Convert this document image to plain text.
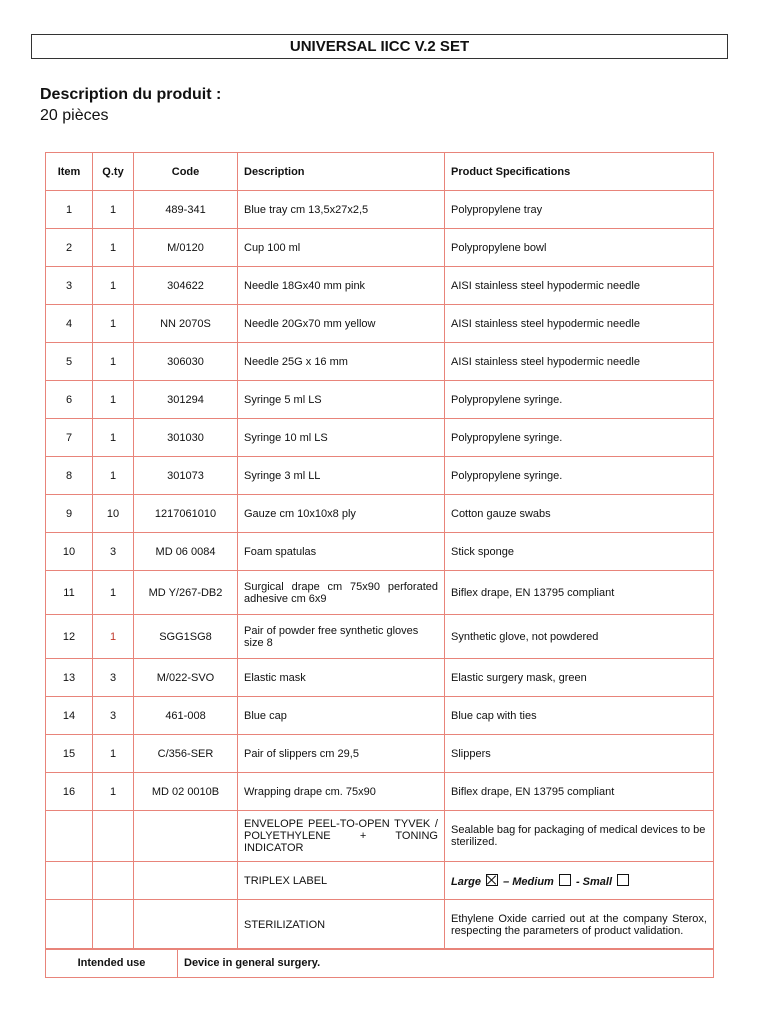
UNIVERSAL IICC V.2 SET
Description du produit :
20 pièces
Item	Q.ty	Code	Description	Product Specifications
1	1	489-341	Blue tray cm 13,5x27x2,5	Polypropylene tray
2	1	M/0120	Cup 100 ml	Polypropylene bowl
3	1	304622	Needle 18Gx40 mm pink	AISI stainless steel hypodermic needle
4	1	NN 2070S	Needle 20Gx70 mm yellow	AISI stainless steel hypodermic needle
5	1	306030	Needle 25G x 16 mm	AISI stainless steel hypodermic needle
6	1	301294	Syringe 5 ml LS	Polypropylene syringe.
7	1	301030	Syringe 10 ml LS	Polypropylene syringe.
8	1	301073	Syringe 3 ml LL	Polypropylene syringe.
9	10	1217061010	Gauze cm 10x10x8 ply	Cotton gauze swabs
10	3	MD 06 0084	Foam spatulas	Stick sponge
11	1	MD Y/267-DB2	Surgical drape cm 75x90 perforated adhesive cm 6x9	Biflex drape, EN 13795 compliant
12	1	SGG1SG8	Pair of powder free synthetic gloves size 8	Synthetic glove, not powdered
13	3	M/022-SVO	Elastic mask	Elastic surgery mask, green
14	3	461-008	Blue cap	Blue cap with ties
15	1	C/356-SER	Pair of slippers cm 29,5	Slippers
16	1	MD 02 0010B	Wrapping drape cm. 75x90	Biflex drape, EN 13795 compliant
			ENVELOPE PEEL-TO-OPEN TYVEK / POLYETHYLENE + TONING INDICATOR	Sealable bag for packaging of medical devices to be sterilized.
			TRIPLEX LABEL	Large – Medium - Small
			STERILIZATION	Ethylene Oxide carried out at the company Sterox, respecting the parameters of product validation.
Intended use	Device in general surgery.
